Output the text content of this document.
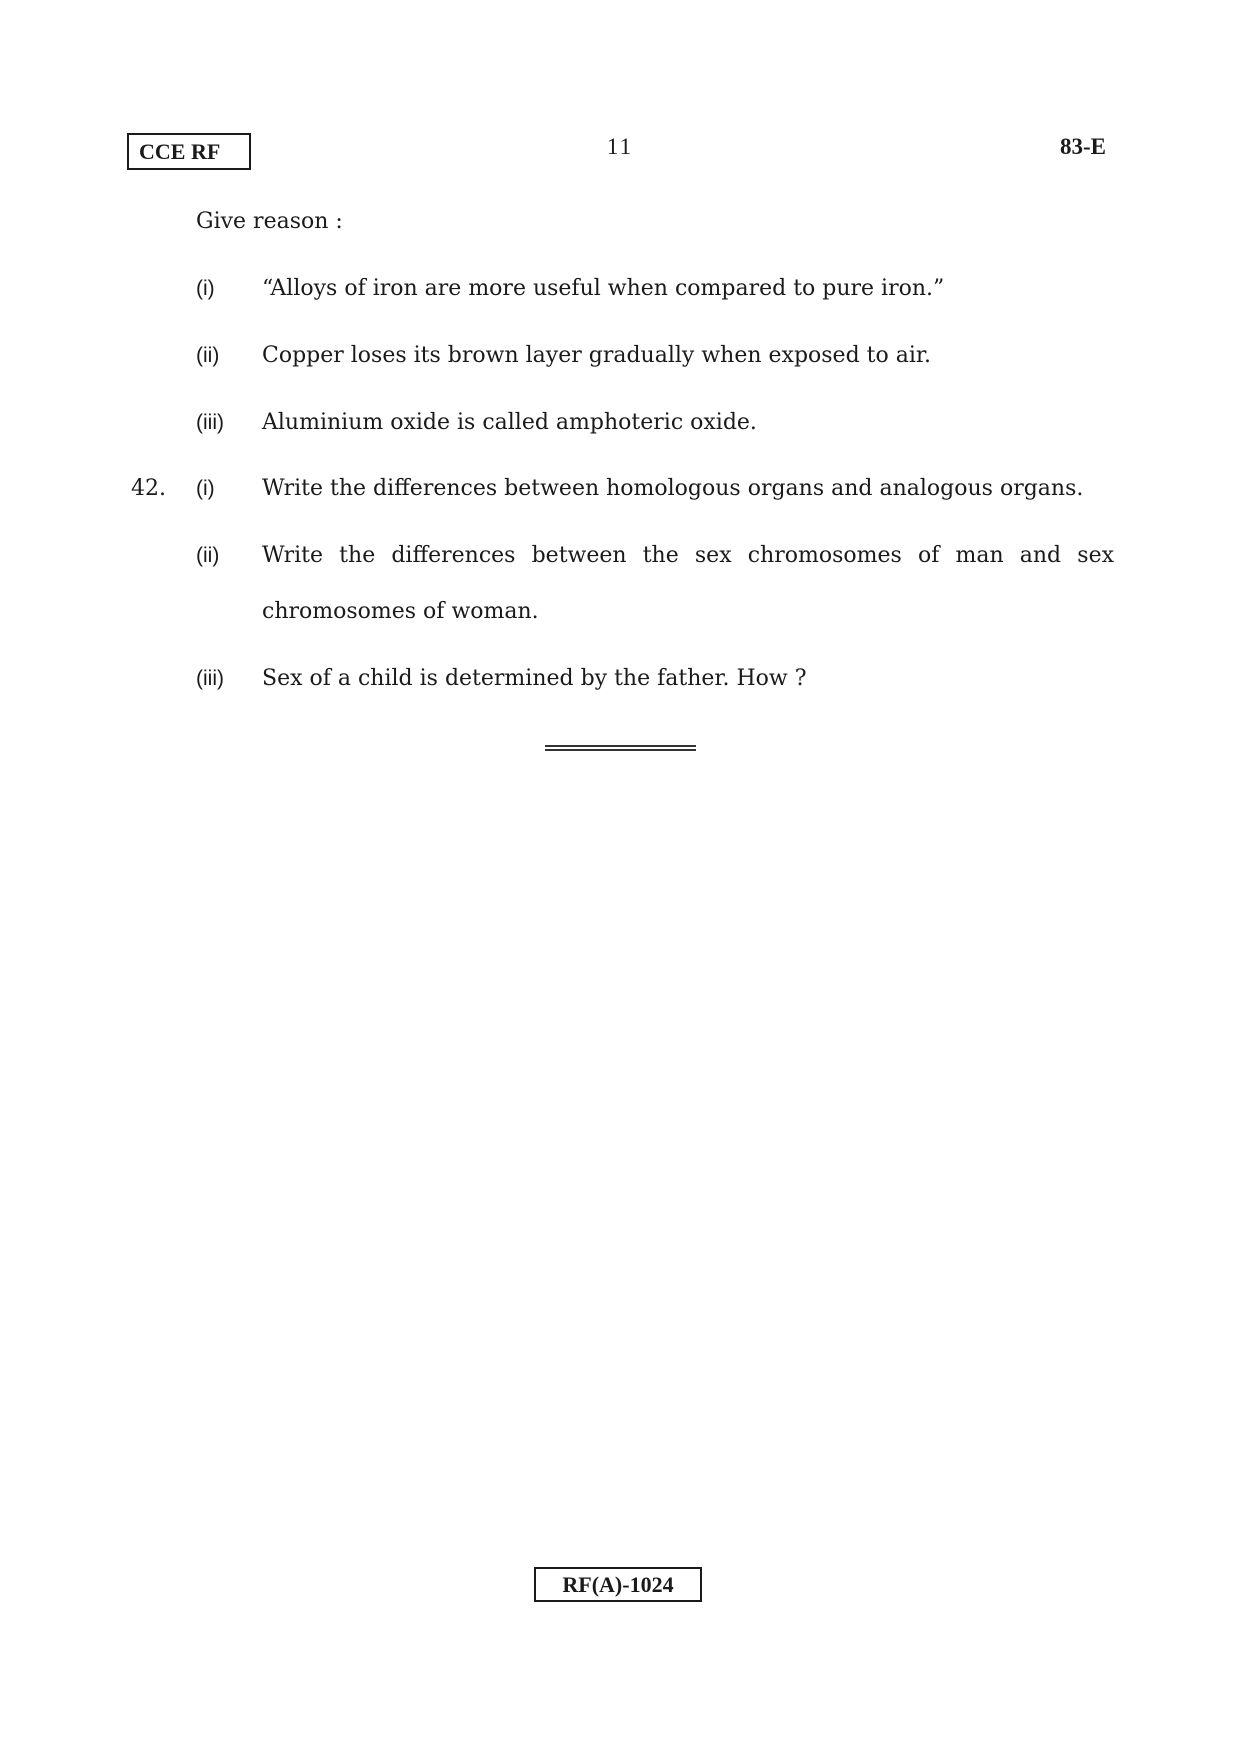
CCE RF	11	83-E
Give reason :
(i) “Alloys of iron are more useful when compared to pure iron.”
(ii) Copper loses its brown layer gradually when exposed to air.
(iii) Aluminium oxide is called amphoteric oxide.
42. (i) Write the differences between homologous organs and analogous organs.
(ii) Write the differences between the sex chromosomes of man and sex
chromosomes of woman.
(iii) Sex of a child is determined by the father. How ?
RF(A)-1024
